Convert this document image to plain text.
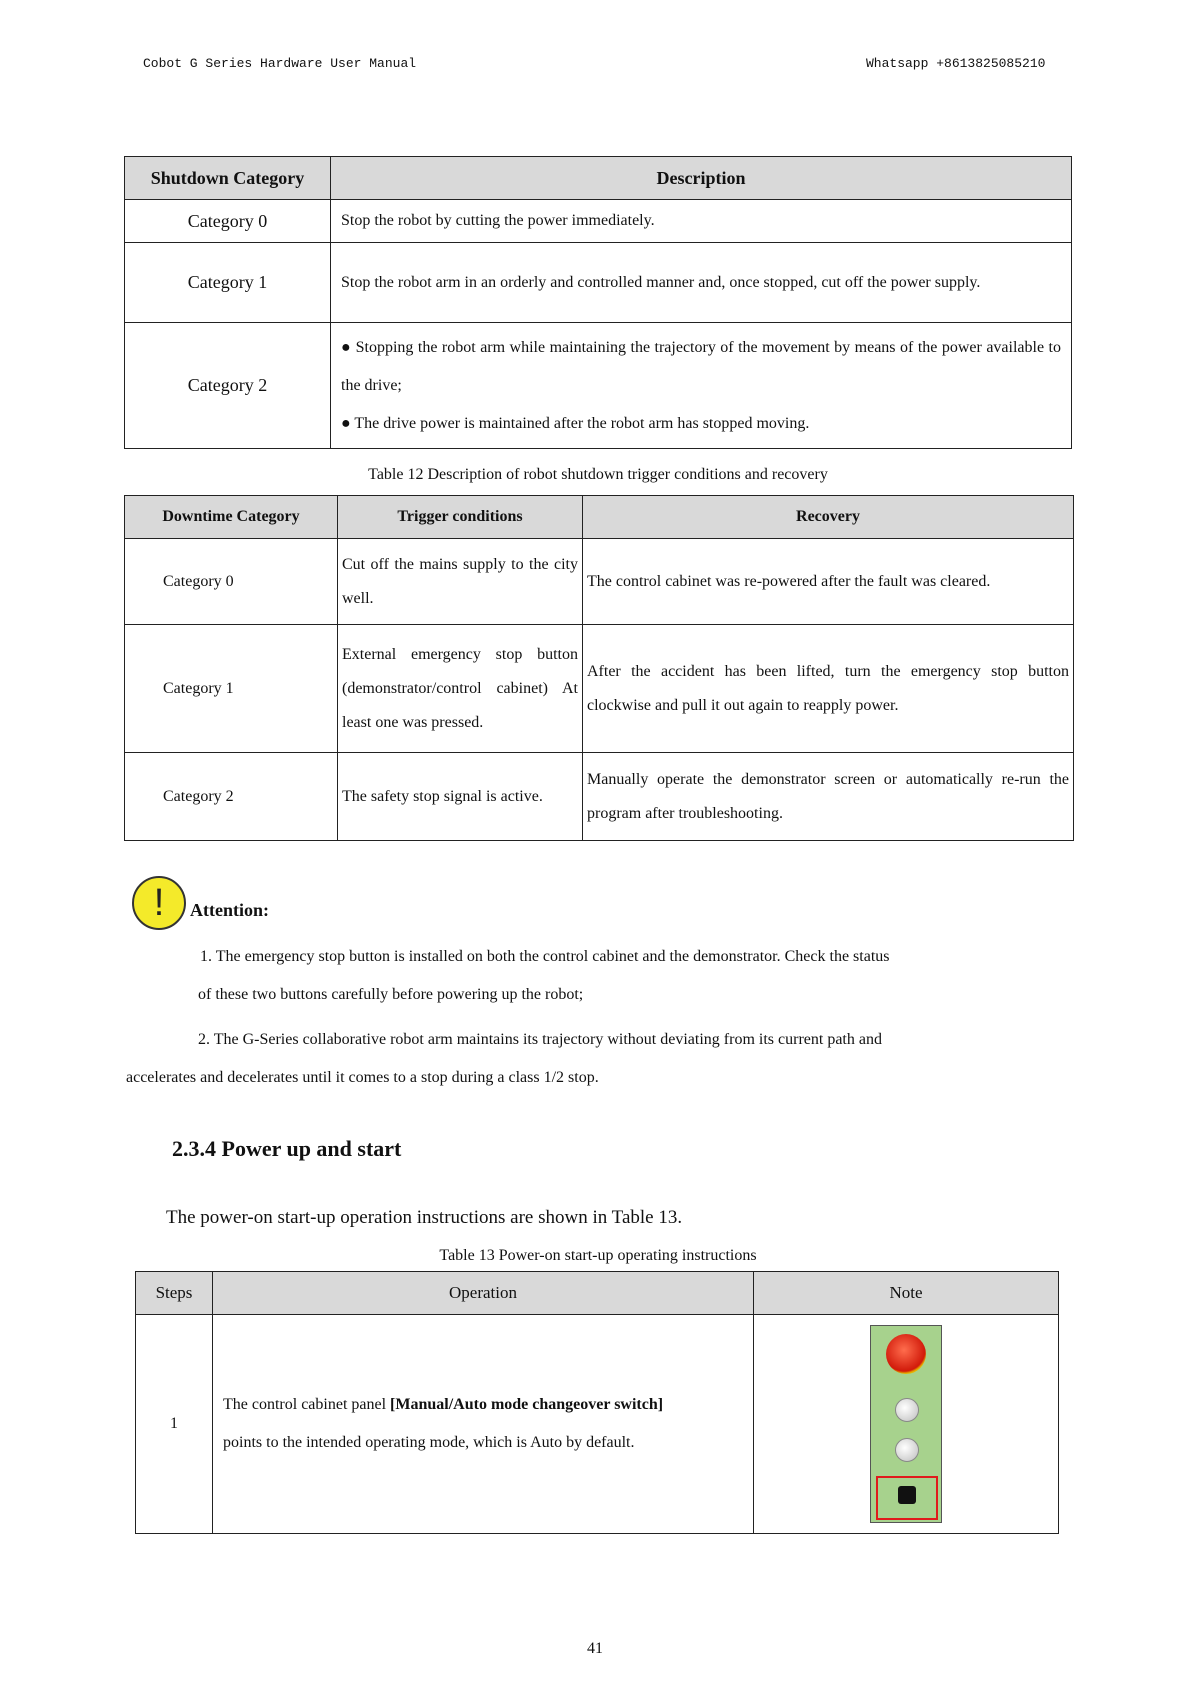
Cobot G Series Hardware User Manual	Whatsapp +8613825085210
Shutdown Category	Description
Category 0	Stop the robot by cutting the power immediately.
Category 1	Stop the robot arm in an orderly and controlled manner and, once stopped, cut off the power supply.
Category 2	● Stopping the robot arm while maintaining the trajectory of the movement by means of the power available to the drive;
● The drive power is maintained after the robot arm has stopped moving.
Table 12 Description of robot shutdown trigger conditions and recovery
Downtime Category	Trigger conditions	Recovery
Category 0	Cut off the mains supply to the city well.	The control cabinet was re-powered after the fault was cleared.
Category 1	External emergency stop button (demonstrator/control cabinet) At least one was pressed.	After the accident has been lifted, turn the emergency stop button clockwise and pull it out again to reapply power.
Category 2	The safety stop signal is active.	Manually operate the demonstrator screen or automatically re-run the program after troubleshooting.
!	Attention:
1. The emergency stop button is installed on both the control cabinet and the demonstrator. Check the status
of these two buttons carefully before powering up the robot;
2. The G-Series collaborative robot arm maintains its trajectory without deviating from its current path and
accelerates and decelerates until it comes to a stop during a class 1/2 stop.
2.3.4 Power up and start
The power-on start-up operation instructions are shown in Table 13.
Table 13 Power-on start-up operating instructions
Steps	Operation	Note
1	The control cabinet panel [Manual/Auto mode changeover switch]
points to the intended operating mode, which is Auto by default.	
41
